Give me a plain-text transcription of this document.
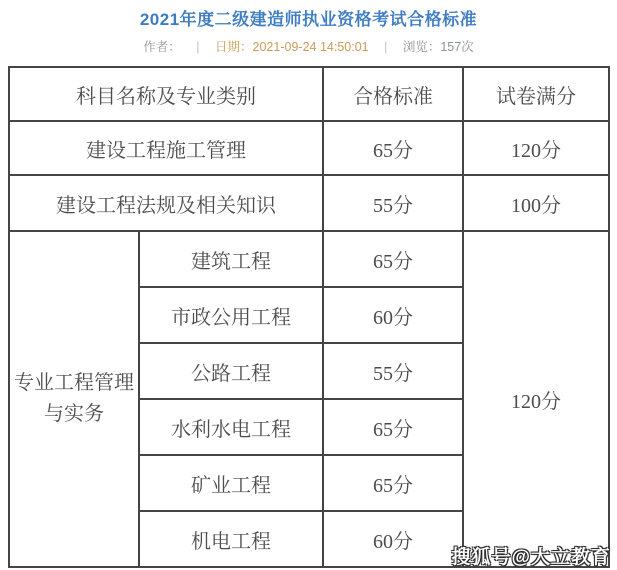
2021年度二级建造师执业资格考试合格标准
作者： | 日期：2021-09-24 14:50:01 | 浏览：157次
科目名称及专业类别		合格标准	试卷满分
建设工程施工管理		65分	120分
建设工程法规及相关知识		55分	100分

专业工程管理
与实务	建筑工程	65分	120分
	市政公用工程	60分	
	公路工程	55分	
	水利水电工程	65分	
	矿业工程	65分	
	机电工程	60分	
搜狐号@大立教育
